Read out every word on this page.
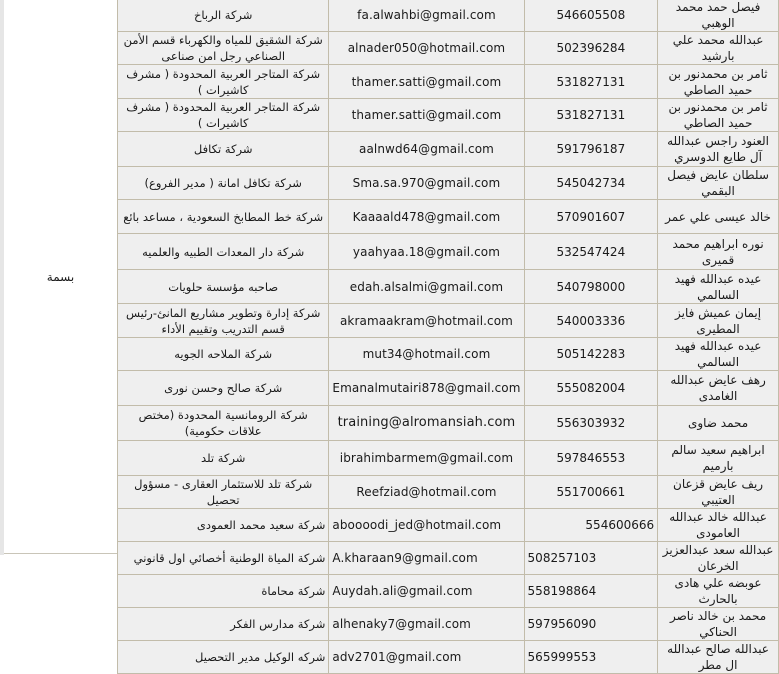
بسمة
فيصل حمد محمد الوهبي	546605508	fa.alwahbi@gmail.com	شركة الرباخ
عبدالله محمد علي بارشيد	502396284	alnader050@hotmail.com	شركة الشقيق للمياه والكهرباء قسم الأمن الصناعي رجل امن صناعى
ثامر بن محمدنور بن حميد الصاطي	531827131	thamer.satti@gmail.com	شركة المتاجر العربية المحدودة ( مشرف كاشيرات )
ثامر بن محمدنور بن حميد الصاطي	531827131	thamer.satti@gmail.com	شركة المتاجر العربية المحدودة ( مشرف كاشيرات )
العنود راجس عبدالله آل طايع الدوسري	591796187	aalnwd64@gmail.com	شركة تكافل
سلطان عايض فيصل البقمي	545042734	Sma.sa.970@gmail.com	شركة تكافل امانة ( مدير الفروع)
خالد عيسى علي عمر	570901607	Kaaaald478@gmail.com	شركة خط المطابخ السعودية ، مساعد بائع
نوره ابراهيم محمد قميرى	532547424	yaahyaa.18@gmail.com	شركة دار المعدات الطبيه والعلميه
عيده عبدالله فهيد السالمي	540798000	edah.alsalmi@gmail.com	صاحبه مؤسسة حلويات
إيمان عميش فايز المطيرى	540003336	akramaakram@hotmail.com	شركة إدارة وتطوير مشاريع المانئ-رئيس قسم التدريب وتقييم الأداء
عيده عبدالله فهيد السالمي	505142283	mut34@hotmail.com	شركة الملاحه الجويه
رهف عايض عبدالله الغامدى	555082004	Emanalmutairi878@gmail.com	شركة صالح وحسن نورى
محمد ضاوى	556303932	training@alromansiah.com	شركة الرومانسية المحدودة (مختص علاقات حكومية)
ابراهيم سعيد سالم بارميم	597846553	ibrahimbarmem@gmail.com	شركة تلد
ريف عايض قزعان العتيبي	551700661	Reefziad@hotmail.com	شركة تلد للاستثمار العقارى - مسؤول تحصيل
عبدالله خالد عبدالله العامودى	554600666	aboooodi_jed@hotmail.com	شركة سعيد محمد العمودى
عبدالله سعد عبدالعزيز الخرعان	508257103	A.kharaan9@gmail.com	شركة المياة الوطنية أخصائي اول قانوني
عوبضه علي هادى بالحارث	558198864	Auydah.ali@gmail.com	شركة محاماة
محمد بن خالد ناصر الحناكي	597956090	alhenaky7@gmail.com	شركة مدارس الفكر
عبدالله صالح عبدالله ال مطر	565999553	adv2701@gmail.com	شركه الوكيل مدير التحصيل
